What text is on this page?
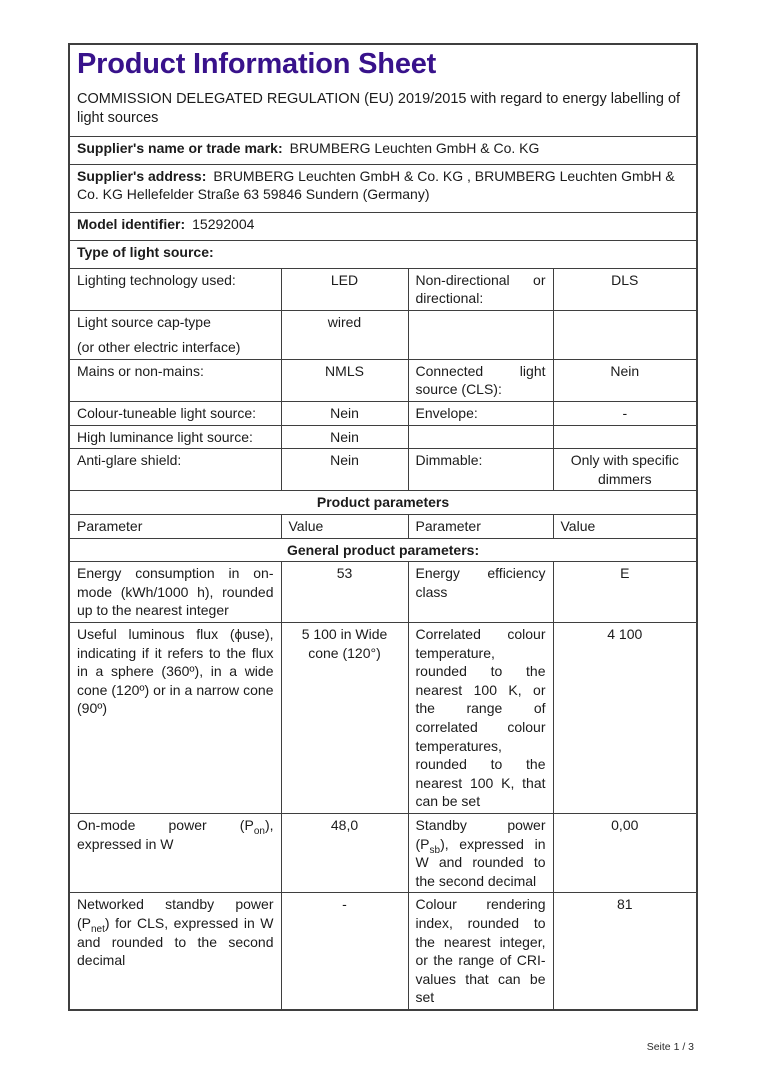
Product Information Sheet

COMMISSION DELEGATED REGULATION (EU) 2019/2015 with regard to energy labelling of light sources

Supplier's name or trade mark: BRUMBERG Leuchten GmbH & Co. KG			
Supplier's address: BRUMBERG Leuchten GmbH & Co. KG , BRUMBERG Leuchten GmbH & Co. KG Hellefelder Straße 63 59846 Sundern (Germany)			
Model identifier: 15292004			
Type of light source:			
Lighting technology used:	LED	Non-directional or directional:	DLS

Light source cap-type
(or other electric interface)	wired		
Mains or non-mains:	NMLS	Connected light source (CLS):	Nein
Colour-tuneable light source:	Nein	Envelope:	-
High luminance light source:	Nein		
Anti-glare shield:	Nein	Dimmable:	Only with specific dimmers
Product parameters			
Parameter	Value	Parameter	Value
General product parameters:			
Energy consumption in on-mode (kWh/1000 h), rounded up to the nearest integer	53	Energy efficiency class	E
Useful luminous flux (ϕuse), indicating if it refers to the flux in a sphere (360º), in a wide cone (120º) or in a narrow cone (90º)	5 100 in Wide cone (120°)	Correlated colour temperature, rounded to the nearest 100 K, or the range of correlated colour temperatures, rounded to the nearest 100 K, that can be set	4 100
On-mode power $(P_{on})$, expressed in W	48,0	Standby power $(P_{sb})$, expressed in W and rounded to the second decimal	0,00
Networked standby power $(P_{net})$ for CLS, expressed in W and rounded to the second decimal	-	Colour rendering index, rounded to the nearest integer, or the range of CRI-values that can be set	81
Seite 1 / 3
